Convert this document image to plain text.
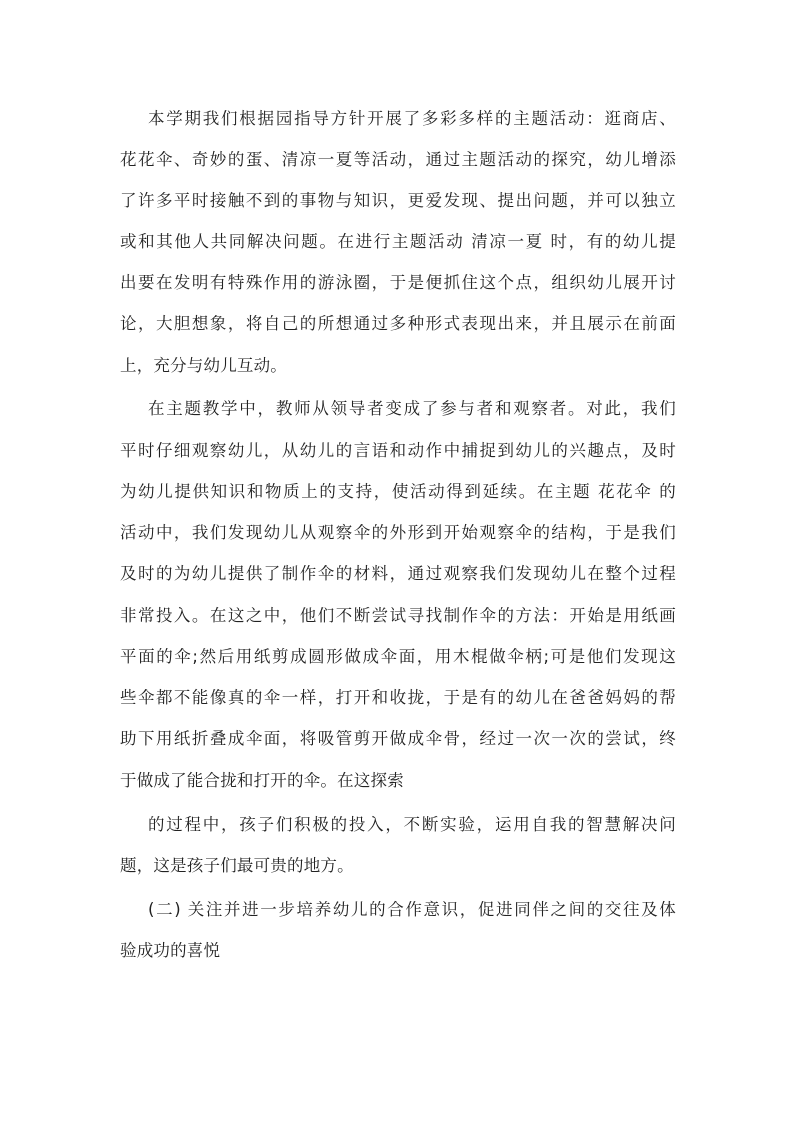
本学期我们根据园指导方针开展了多彩多样的主题活动：逛商店、
花花伞、奇妙的蛋、清凉一夏等活动，通过主题活动的探究，幼儿增添
了许多平时接触不到的事物与知识，更爱发现、提出问题，并可以独立
或和其他人共同解决问题。在进行主题活动 清凉一夏 时，有的幼儿提
出要在发明有特殊作用的游泳圈，于是便抓住这个点，组织幼儿展开讨
论，大胆想象，将自己的所想通过多种形式表现出来，并且展示在前面
上，充分与幼儿互动。
在主题教学中，教师从领导者变成了参与者和观察者。对此，我们
平时仔细观察幼儿，从幼儿的言语和动作中捕捉到幼儿的兴趣点，及时
为幼儿提供知识和物质上的支持，使活动得到延续。在主题 花花伞 的
活动中，我们发现幼儿从观察伞的外形到开始观察伞的结构，于是我们
及时的为幼儿提供了制作伞的材料，通过观察我们发现幼儿在整个过程
非常投入。在这之中，他们不断尝试寻找制作伞的方法：开始是用纸画
平面的伞;然后用纸剪成圆形做成伞面，用木棍做伞柄;可是他们发现这
些伞都不能像真的伞一样，打开和收拢，于是有的幼儿在爸爸妈妈的帮
助下用纸折叠成伞面，将吸管剪开做成伞骨，经过一次一次的尝试，终
于做成了能合拢和打开的伞。在这探索
的过程中，孩子们积极的投入，不断实验，运用自我的智慧解决问
题，这是孩子们最可贵的地方。
(二) 关注并进一步培养幼儿的合作意识，促进同伴之间的交往及体
验成功的喜悦
